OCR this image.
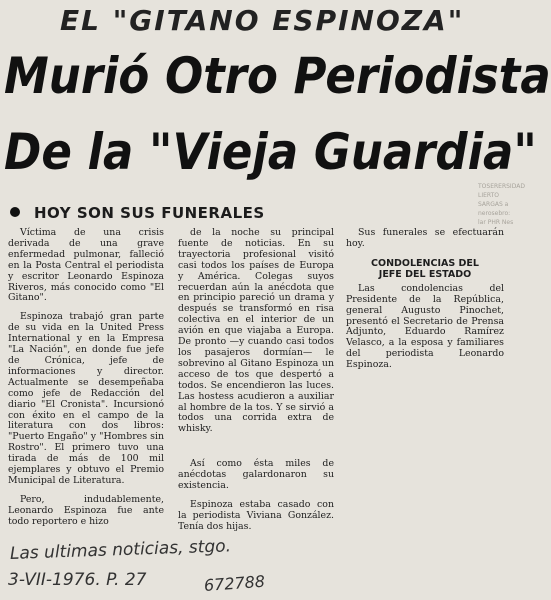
EL "GITANO ESPINOZA"
Murió Otro Periodista
De la "Vieja Guardia"
TOSERERSIDAD LIERTO SARGAS a nerosebro: lar PHR Nes
HOY SON SUS FUNERALES

Víctima de una crisis derivada de una grave enfermedad pulmonar, falleció en la Posta Central el periodista y escritor Leonardo Espinoza Riveros, más conocido como "El Gitano".

Espinoza trabajó gran parte de su vida en la United Press International y en la Empresa "La Nación", en donde fue jefe de Crónica, jefe de informaciones y director. Actualmente se desempeñaba como jefe de Redacción del diario "El Cronista". Incursionó con éxito en el campo de la literatura con dos libros: "Puerto Engaño" y "Hombres sin Rostro". El primero tuvo una tirada de más de 100 mil ejemplares y obtuvo el Premio Municipal de Literatura.

Pero, indudablemente, Leonardo Espinoza fue ante todo reportero e hizo

de la noche su principal fuente de noticias. En su trayectoria profesional visitó casi todos los países de Europa y América. Colegas suyos recuerdan aún la anécdota que en principio pareció un drama y después se transformó en risa colectiva en el interior de un avión en que viajaba a Europa. De pronto —y cuando casi todos los pasajeros dormían— le sobrevino al Gitano Espinoza un acceso de tos que despertó a todos. Se encendieron las luces. Las hostess acudieron a auxiliar al hombre de la tos. Y se sirvió a todos una corrida extra de whisky.

Así como ésta miles de anécdotas galardonaron su existencia.

Espinoza estaba casado con la periodista Viviana González. Tenía dos hijas.

Sus funerales se efectuarán hoy.

CONDOLENCIAS DEL
JEFE DEL ESTADO

Las condolencias del Presidente de la República, general Augusto Pinochet, presentó el Secretario de Prensa Adjunto, Eduardo Ramírez Velasco, a la esposa y familiares del periodista Leonardo Espinoza.

Las ultimas noticias, stgo.
3-VII-1976. P. 27	672788
